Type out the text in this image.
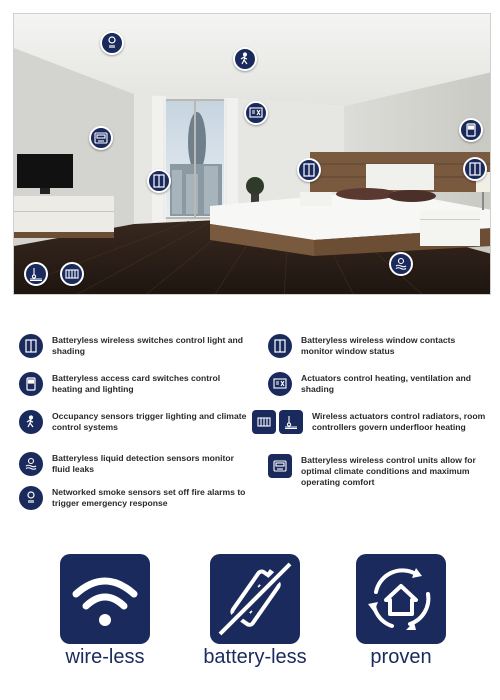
Batteryless wireless switches control light and shading
Batteryless wireless window contacts monitor window status
Batteryless access card switches control heating and lighting
Actuators control heating, ventilation and shading
Occupancy sensors trigger lighting and climate control systems
Wireless actuators control radiators, room controllers govern underfloor heating
Batteryless liquid detection sensors monitor fluid leaks
Batteryless wireless control units allow for optimal climate conditions and maximum operating comfort
Networked smoke sensors set off fire alarms to trigger emergency response
wire-less	battery-less	proven
